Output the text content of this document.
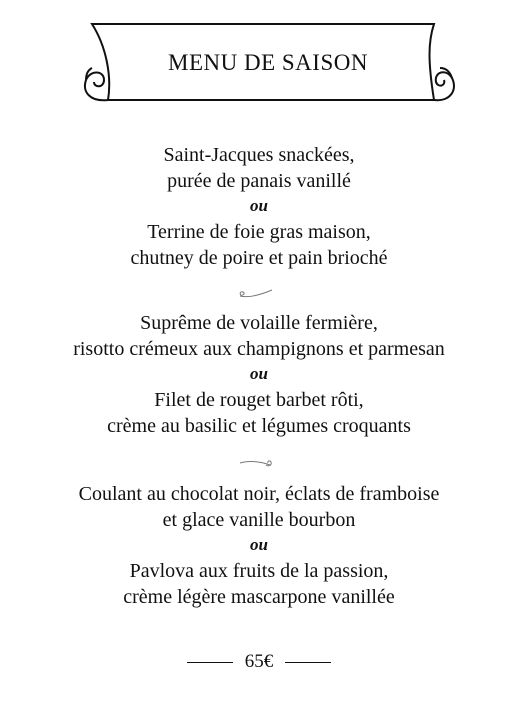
MENU DE SAISON
Saint-Jacques snackées,
purée de panais vanillé
ou
Terrine de foie gras maison,
chutney de poire et pain brioché
Suprême de volaille fermière,
risotto crémeux aux champignons et parmesan
ou
Filet de rouget barbet rôti,
crème au basilic et légumes croquants
Coulant au chocolat noir, éclats de framboise
et glace vanille bourbon
ou
Pavlova aux fruits de la passion,
crème légère mascarpone vanillée
65€
